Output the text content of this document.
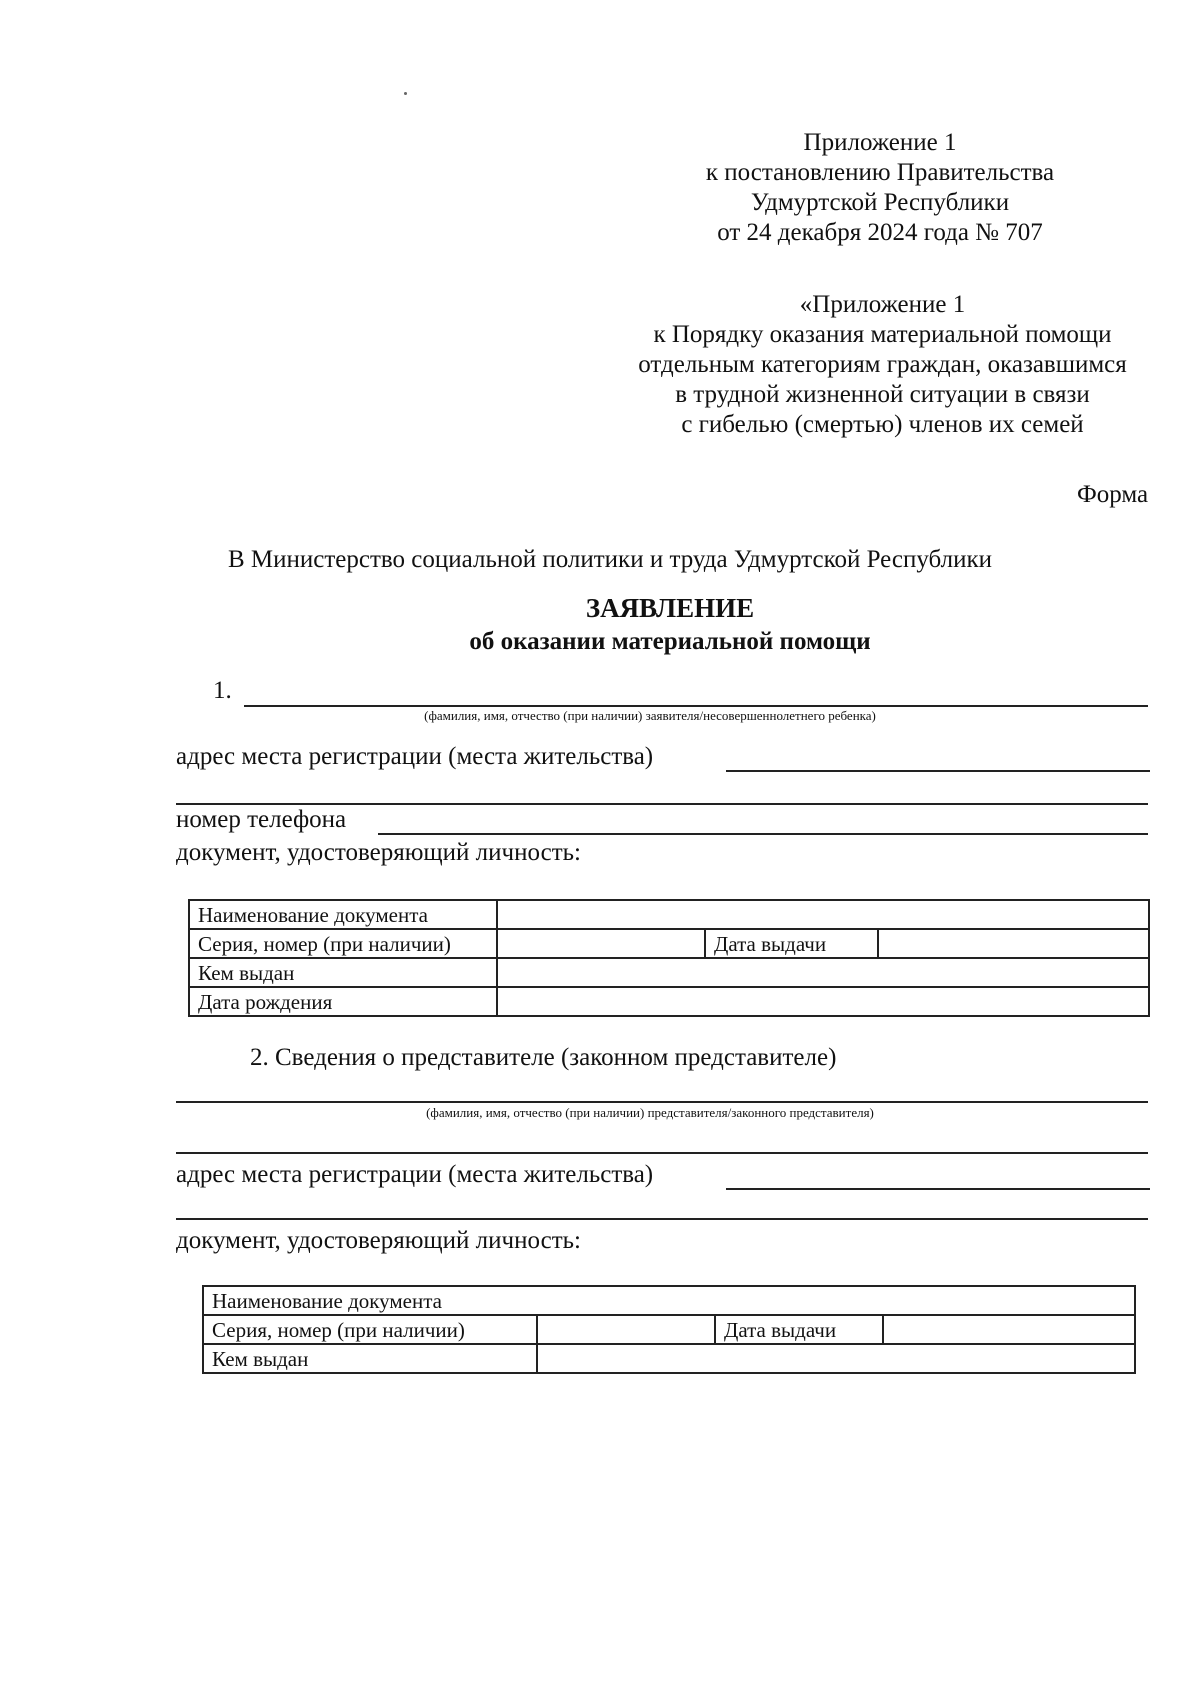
Приложение 1
к постановлению Правительства
Удмуртской Республики
от 24 декабря 2024 года № 707
«Приложение 1
к Порядку оказания материальной помощи
отдельным категориям граждан, оказавшимся
в трудной жизненной ситуации в связи
с гибелью (смертью) членов их семей
Форма
В Министерство социальной политики и труда Удмуртской Республики
ЗАЯВЛЕНИЕ
об оказании материальной помощи
1.
(фамилия, имя, отчество (при наличии) заявителя/несовершеннолетнего ребенка)
адрес места регистрации (места жительства)
номер телефона
документ, удостоверяющий личность:
Наименование документа			
Серия, номер (при наличии)		Дата выдачи	
Кем выдан			
Дата рождения			
2. Сведения о представителе (законном представителе)
(фамилия, имя, отчество (при наличии) представителя/законного представителя)
адрес места регистрации (места жительства)
документ, удостоверяющий личность:
Наименование документа			
Серия, номер (при наличии)		Дата выдачи	
Кем выдан			
